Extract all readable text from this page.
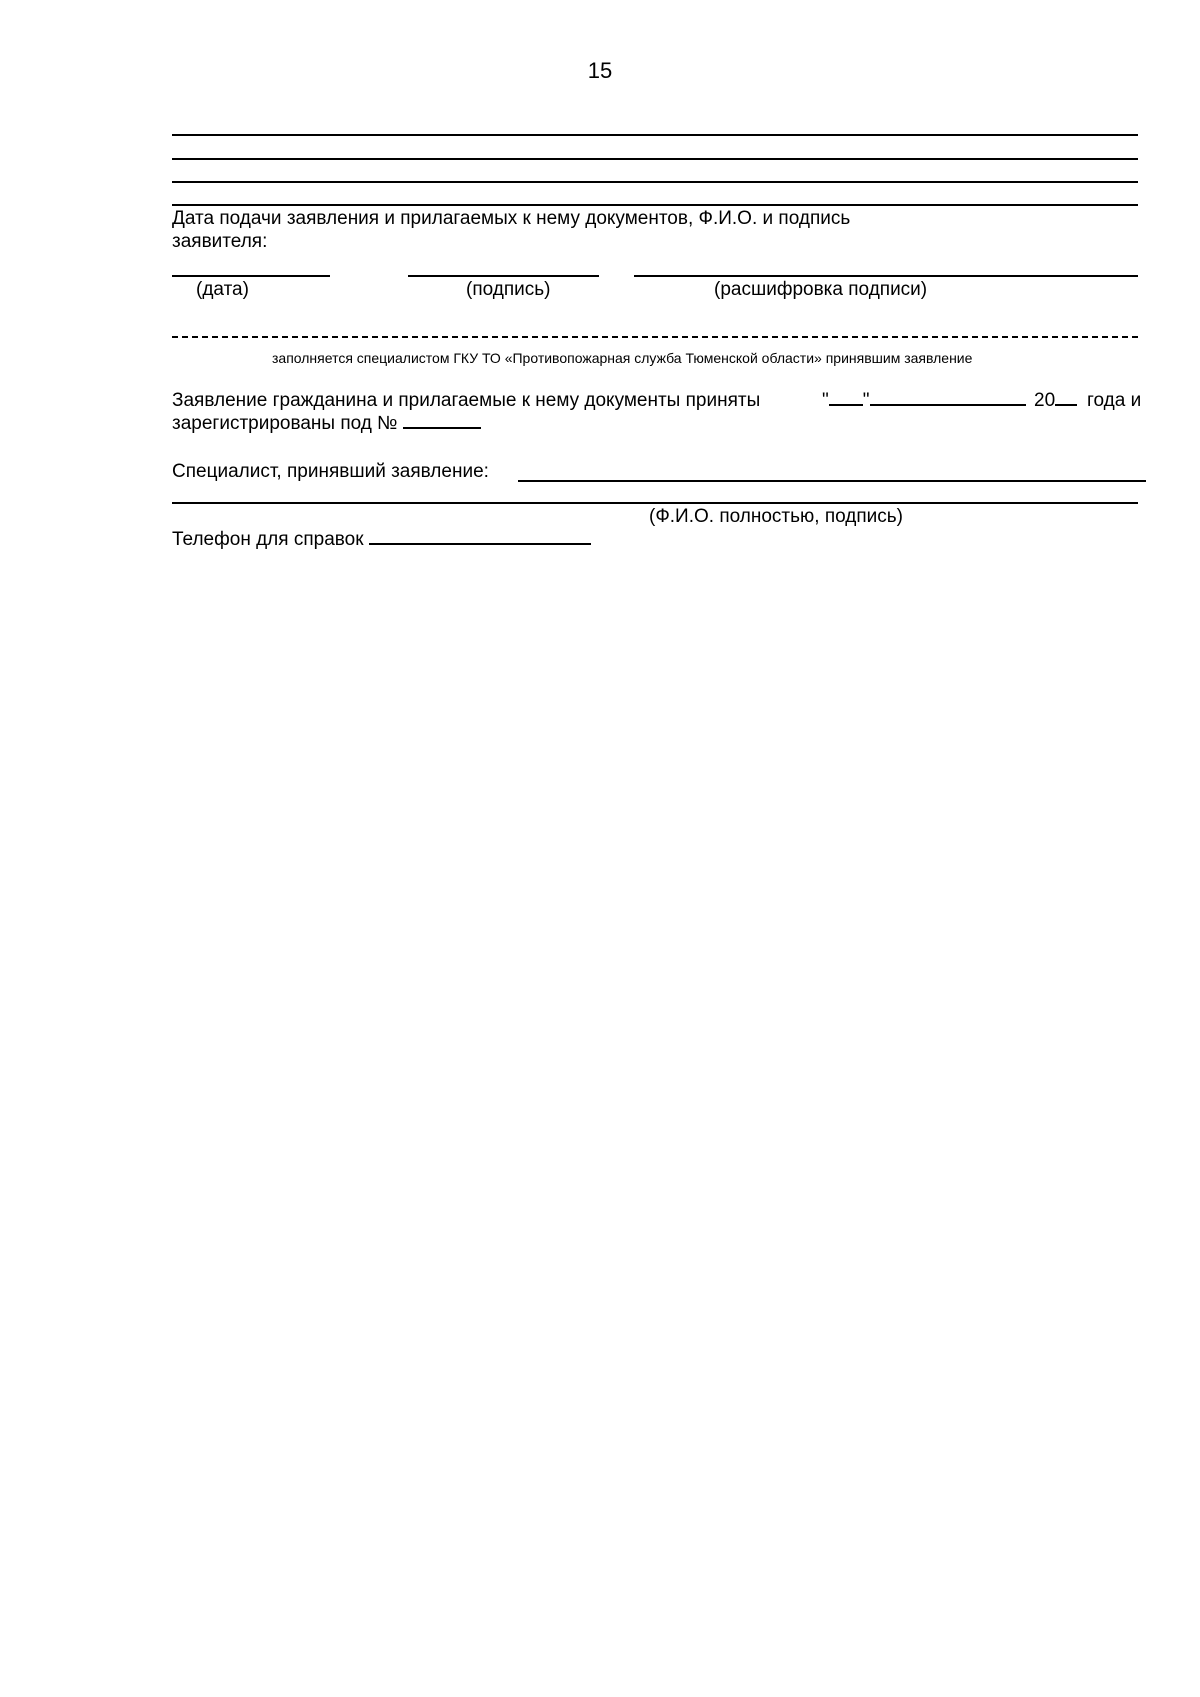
15
Дата подачи заявления и прилагаемых к нему документов, Ф.И.О. и подпись
заявителя:
(дата)	(подпись)	(расшифровка подписи)
заполняется специалистом ГКУ ТО «Противопожарная служба Тюменской области» принявшим заявление
Заявление гражданина и прилагаемые к нему документы приняты	" "	20	года и
зарегистрированы под №
Специалист, принявший заявление:
(Ф.И.О. полностью, подпись)
Телефон для справок
